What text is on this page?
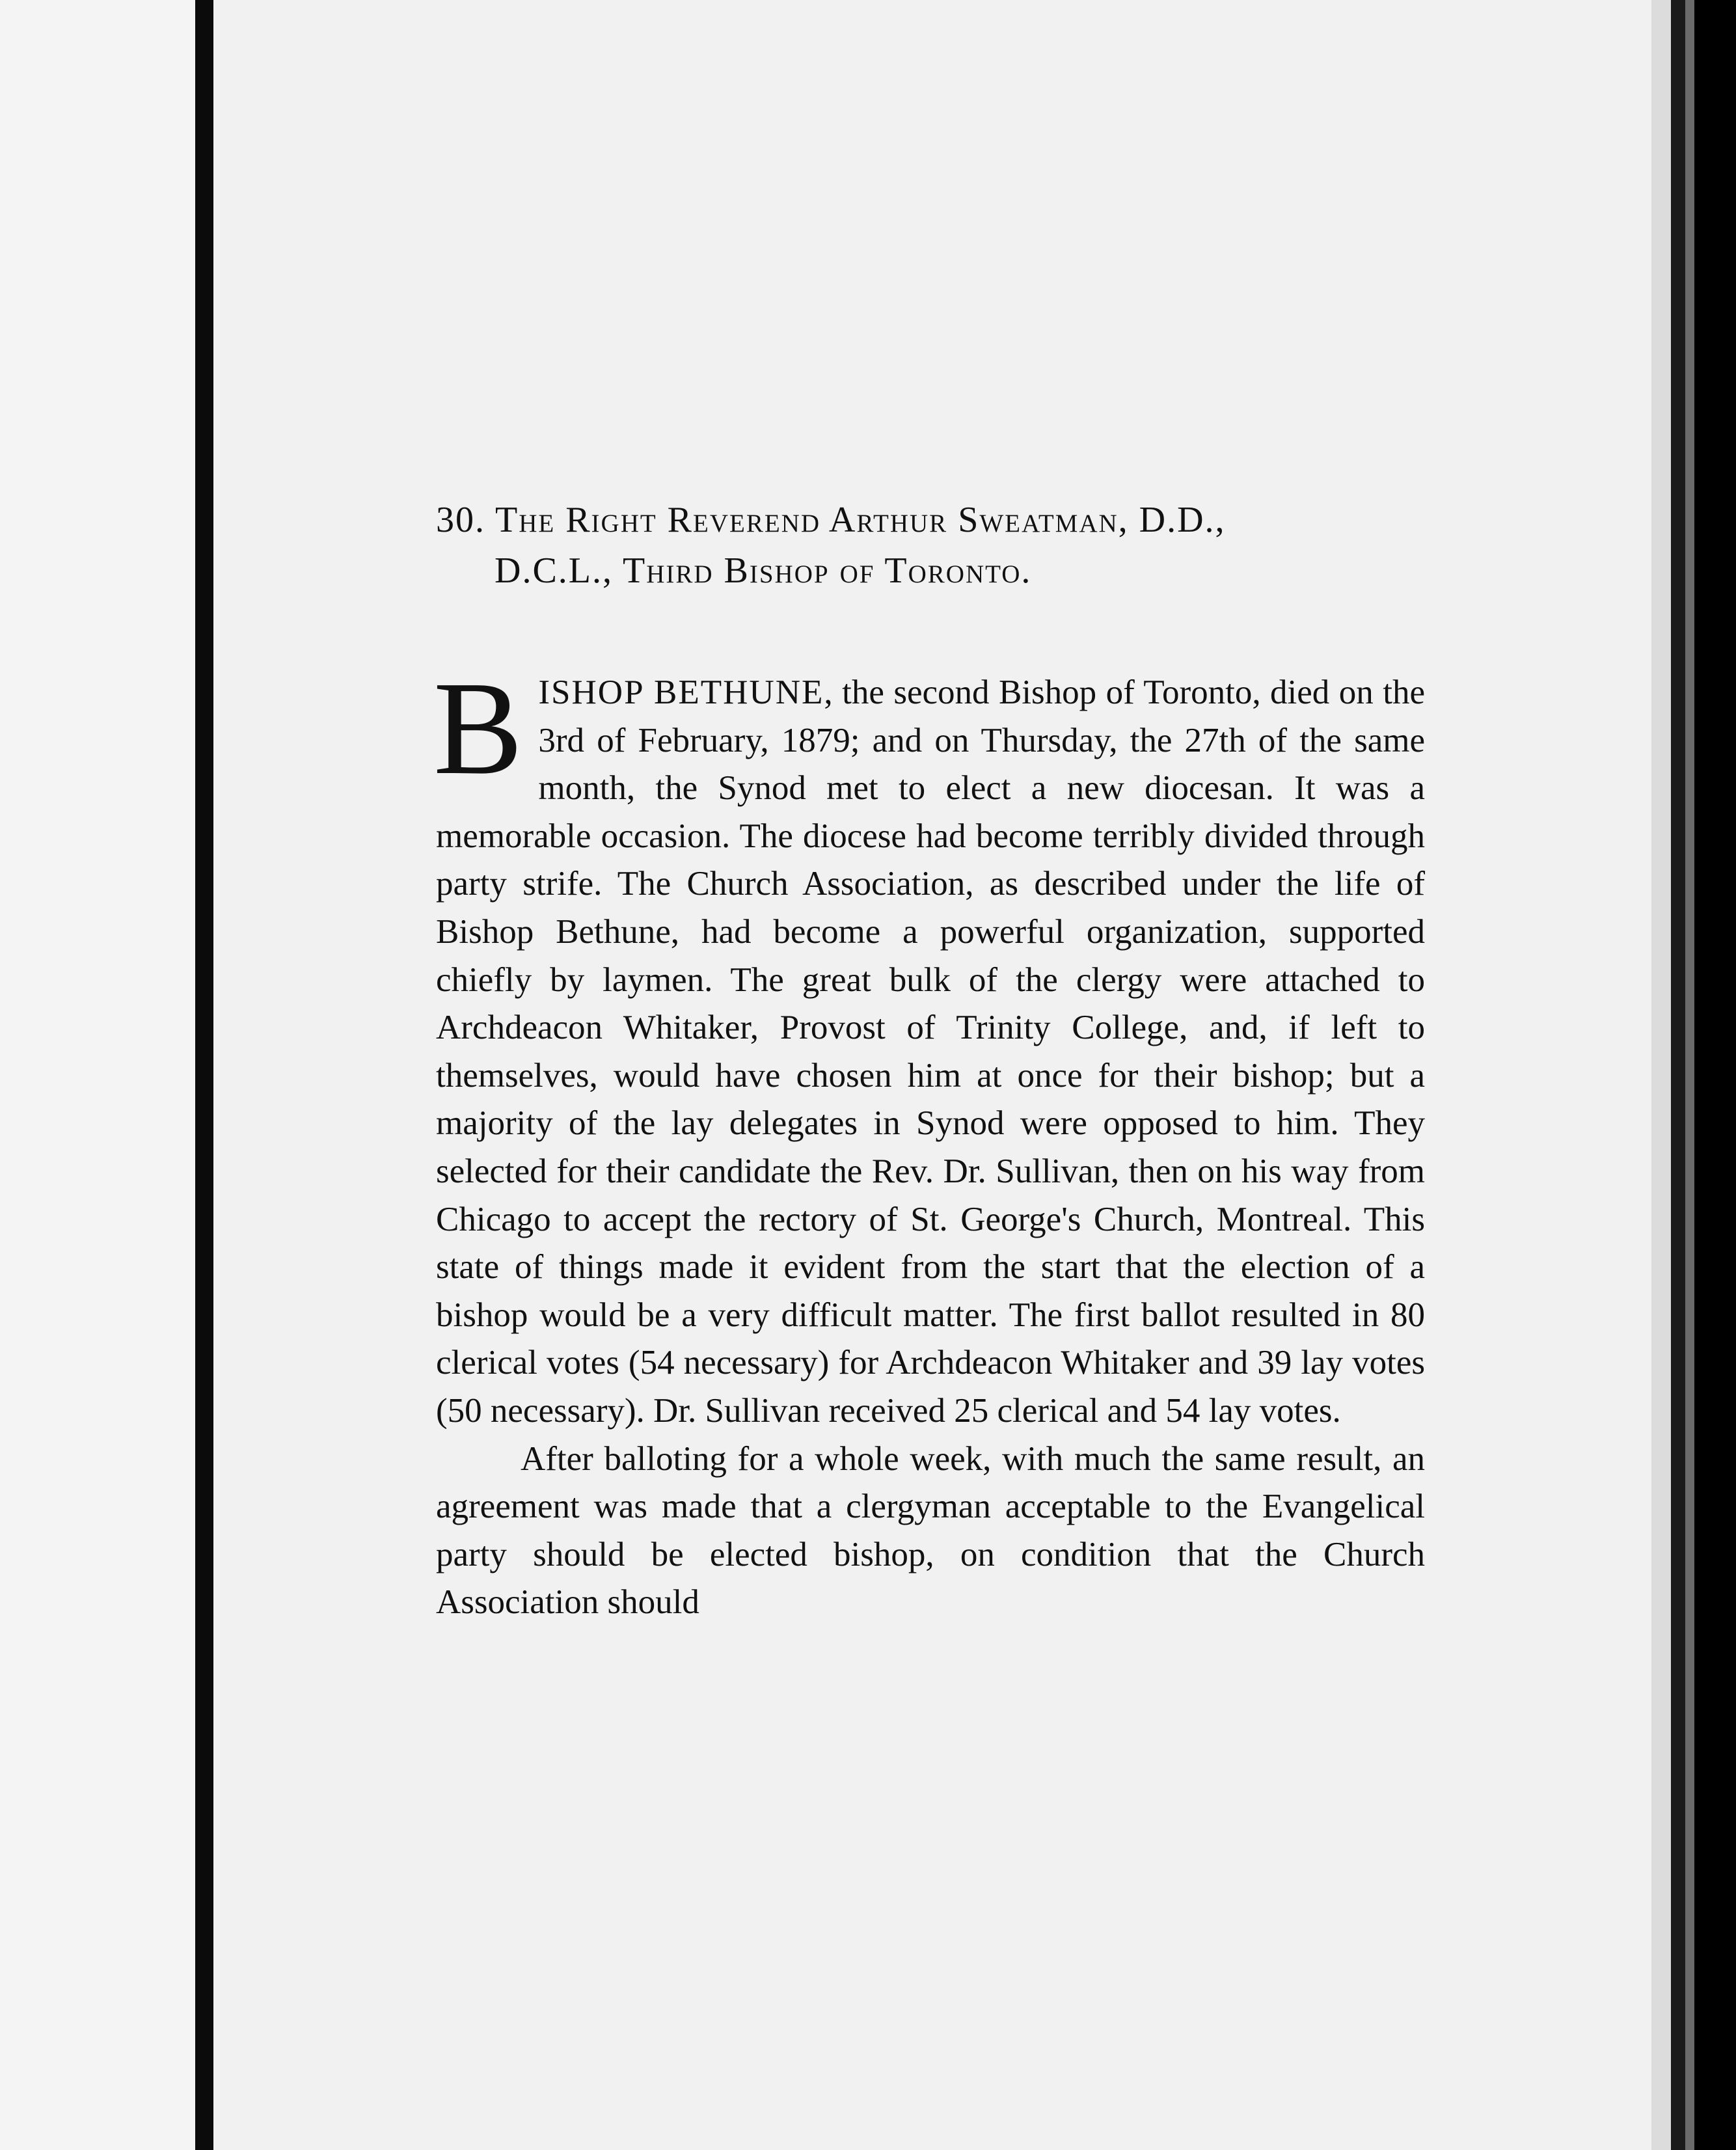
30. The Right Reverend Arthur Sweatman, D.D.,
D.C.L., Third Bishop of Toronto.

BISHOP BETHUNE, the second Bishop of Toronto, died on the 3rd of February, 1879; and on Thursday, the 27th of the same month, the Synod met to elect a new diocesan. It was a memorable occasion. The diocese had become terribly divided through party strife. The Church Association, as described under the life of Bishop Bethune, had become a powerful organization, supported chiefly by laymen. The great bulk of the clergy were attached to Archdeacon Whitaker, Provost of Trinity College, and, if left to themselves, would have chosen him at once for their bishop; but a majority of the lay delegates in Synod were opposed to him. They selected for their candidate the Rev. Dr. Sullivan, then on his way from Chicago to accept the rectory of St. George's Church, Montreal. This state of things made it evident from the start that the election of a bishop would be a very difficult matter. The first ballot resulted in 80 clerical votes (54 necessary) for Archdeacon Whitaker and 39 lay votes (50 necessary). Dr. Sullivan received 25 clerical and 54 lay votes.

After balloting for a whole week, with much the same result, an agreement was made that a clergyman acceptable to the Evangelical party should be elected bishop, on condition that the Church Association should
